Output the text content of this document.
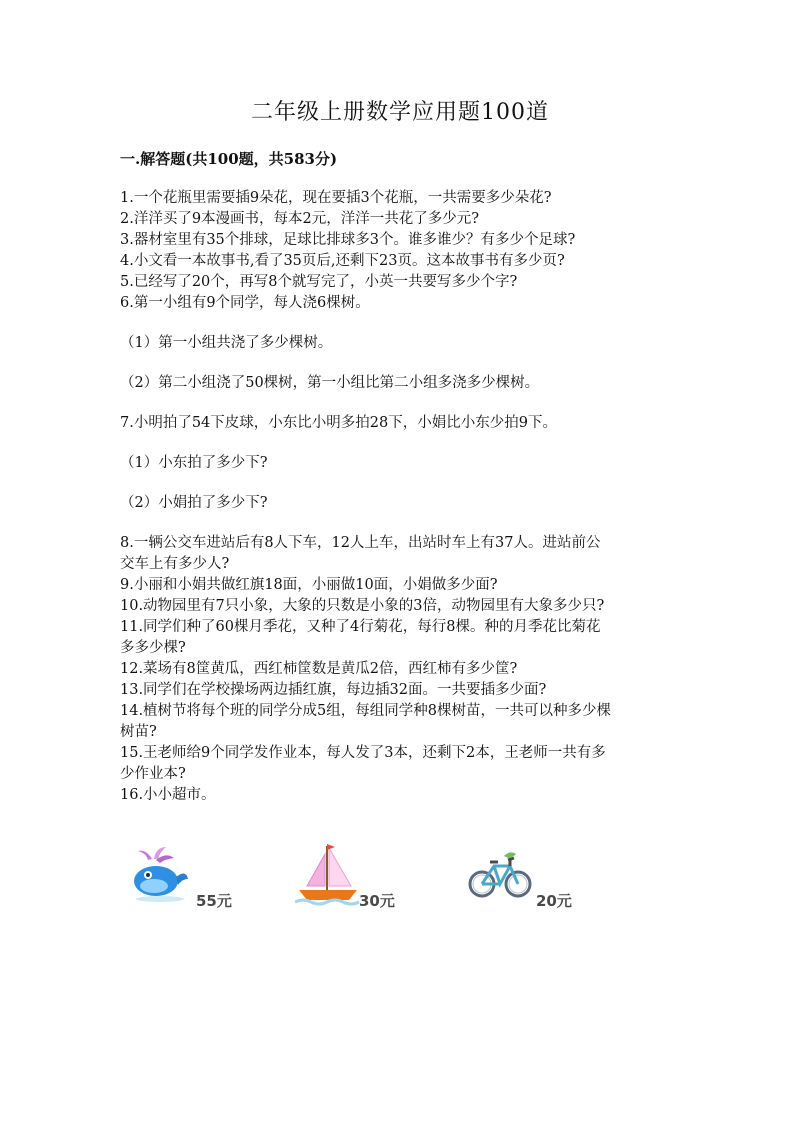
二年级上册数学应用题100道
一.解答题(共100题，共583分)
1.一个花瓶里需要插9朵花，现在要插3个花瓶，一共需要多少朵花?
2.洋洋买了9本漫画书，每本2元，洋洋一共花了多少元?
3.器材室里有35个排球，足球比排球多3个。谁多谁少？有多少个足球?
4.小文看一本故事书,看了35页后,还剩下23页。这本故事书有多少页?
5.已经写了20个，再写8个就写完了，小英一共要写多少个字?
6.第一小组有9个同学，每人浇6棵树。
（1）第一小组共浇了多少棵树。
（2）第二小组浇了50棵树，第一小组比第二小组多浇多少棵树。
7.小明拍了54下皮球，小东比小明多拍28下，小娟比小东少拍9下。
（1）小东拍了多少下?
（2）小娟拍了多少下?
8.一辆公交车进站后有8人下车，12人上车，出站时车上有37人。进站前公
交车上有多少人?
9.小丽和小娟共做红旗18面，小丽做10面，小娟做多少面?
10.动物园里有7只小象，大象的只数是小象的3倍，动物园里有大象多少只?
11.同学们种了60棵月季花，又种了4行菊花，每行8棵。种的月季花比菊花
多多少棵?
12.菜场有8筐黄瓜，西红柿筐数是黄瓜2倍，西红柿有多少筐?
13.同学们在学校操场两边插红旗，每边插32面。一共要插多少面?
14.植树节将每个班的同学分成5组，每组同学种8棵树苗，一共可以种多少棵
树苗?
15.王老师给9个同学发作业本，每人发了3本，还剩下2本，王老师一共有多
少作业本?
16.小小超市。
55元	30元	20元
